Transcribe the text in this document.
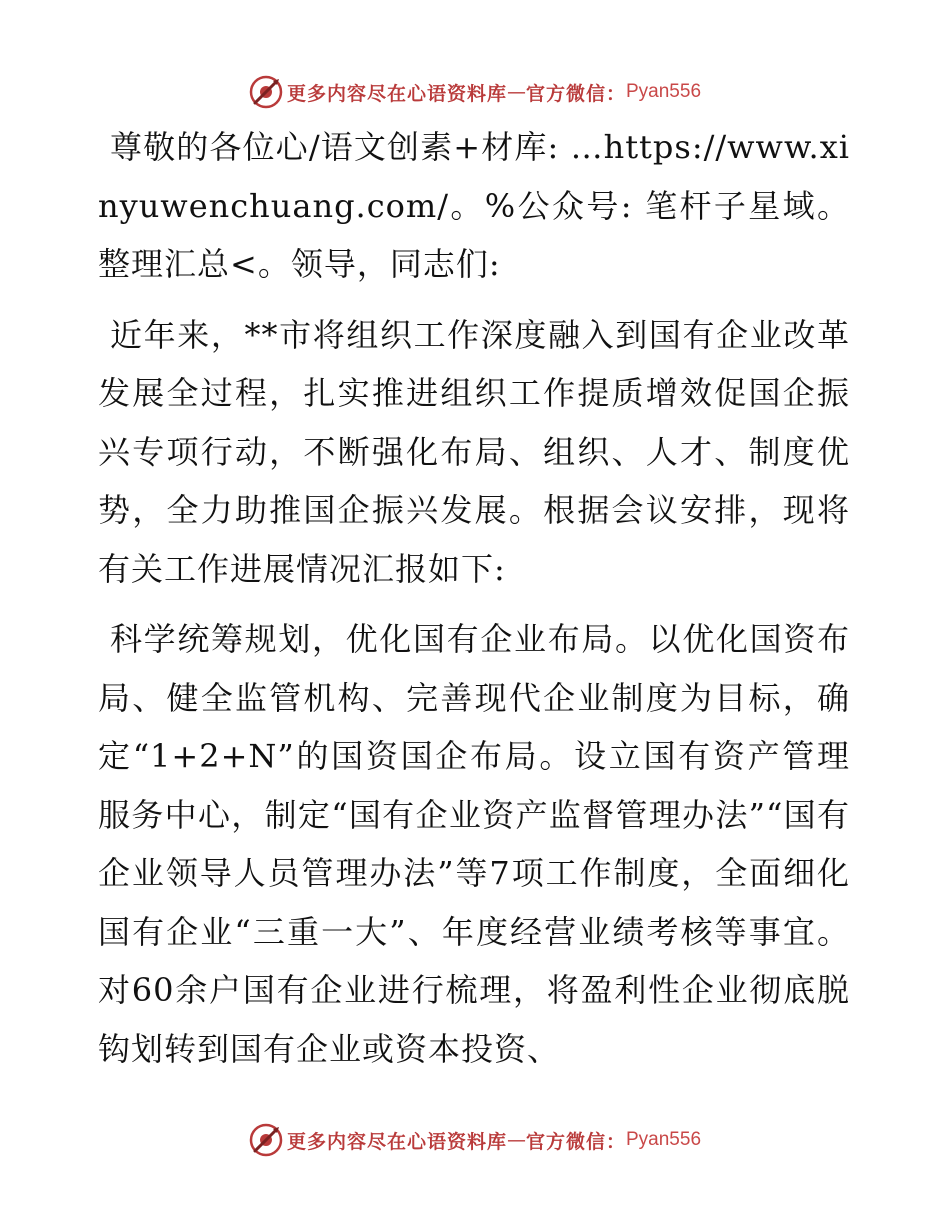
更多内容尽在心语资料库 — 官方微信： Pyan556

尊敬的各位心/语文创素+材库: …https://www.xinyuwenchuang.com/。%公众号: 笔杆子星域。整理汇总<。领导，同志们:

近年来，**市将组织工作深度融入到国有企业改革发展全过程，扎实推进组织工作提质增效促国企振兴专项行动，不断强化布局、组织、人才、制度优势，全力助推国企振兴发展。根据会议安排，现将有关工作进展情况汇报如下:

科学统筹规划，优化国有企业布局。以优化国资布局、健全监管机构、完善现代企业制度为目标，确定“1+2+N”的国资国企布局。设立国有资产管理服务中心，制定“国有企业资产监督管理办法”“国有企业领导人员管理办法”等7项工作制度，全面细化国有企业“三重一大”、年度经营业绩考核等事宜。对60余户国有企业进行梳理，将盈利性企业彻底脱钩划转到国有企业或资本投资、

更多内容尽在心语资料库 — 官方微信： Pyan556
